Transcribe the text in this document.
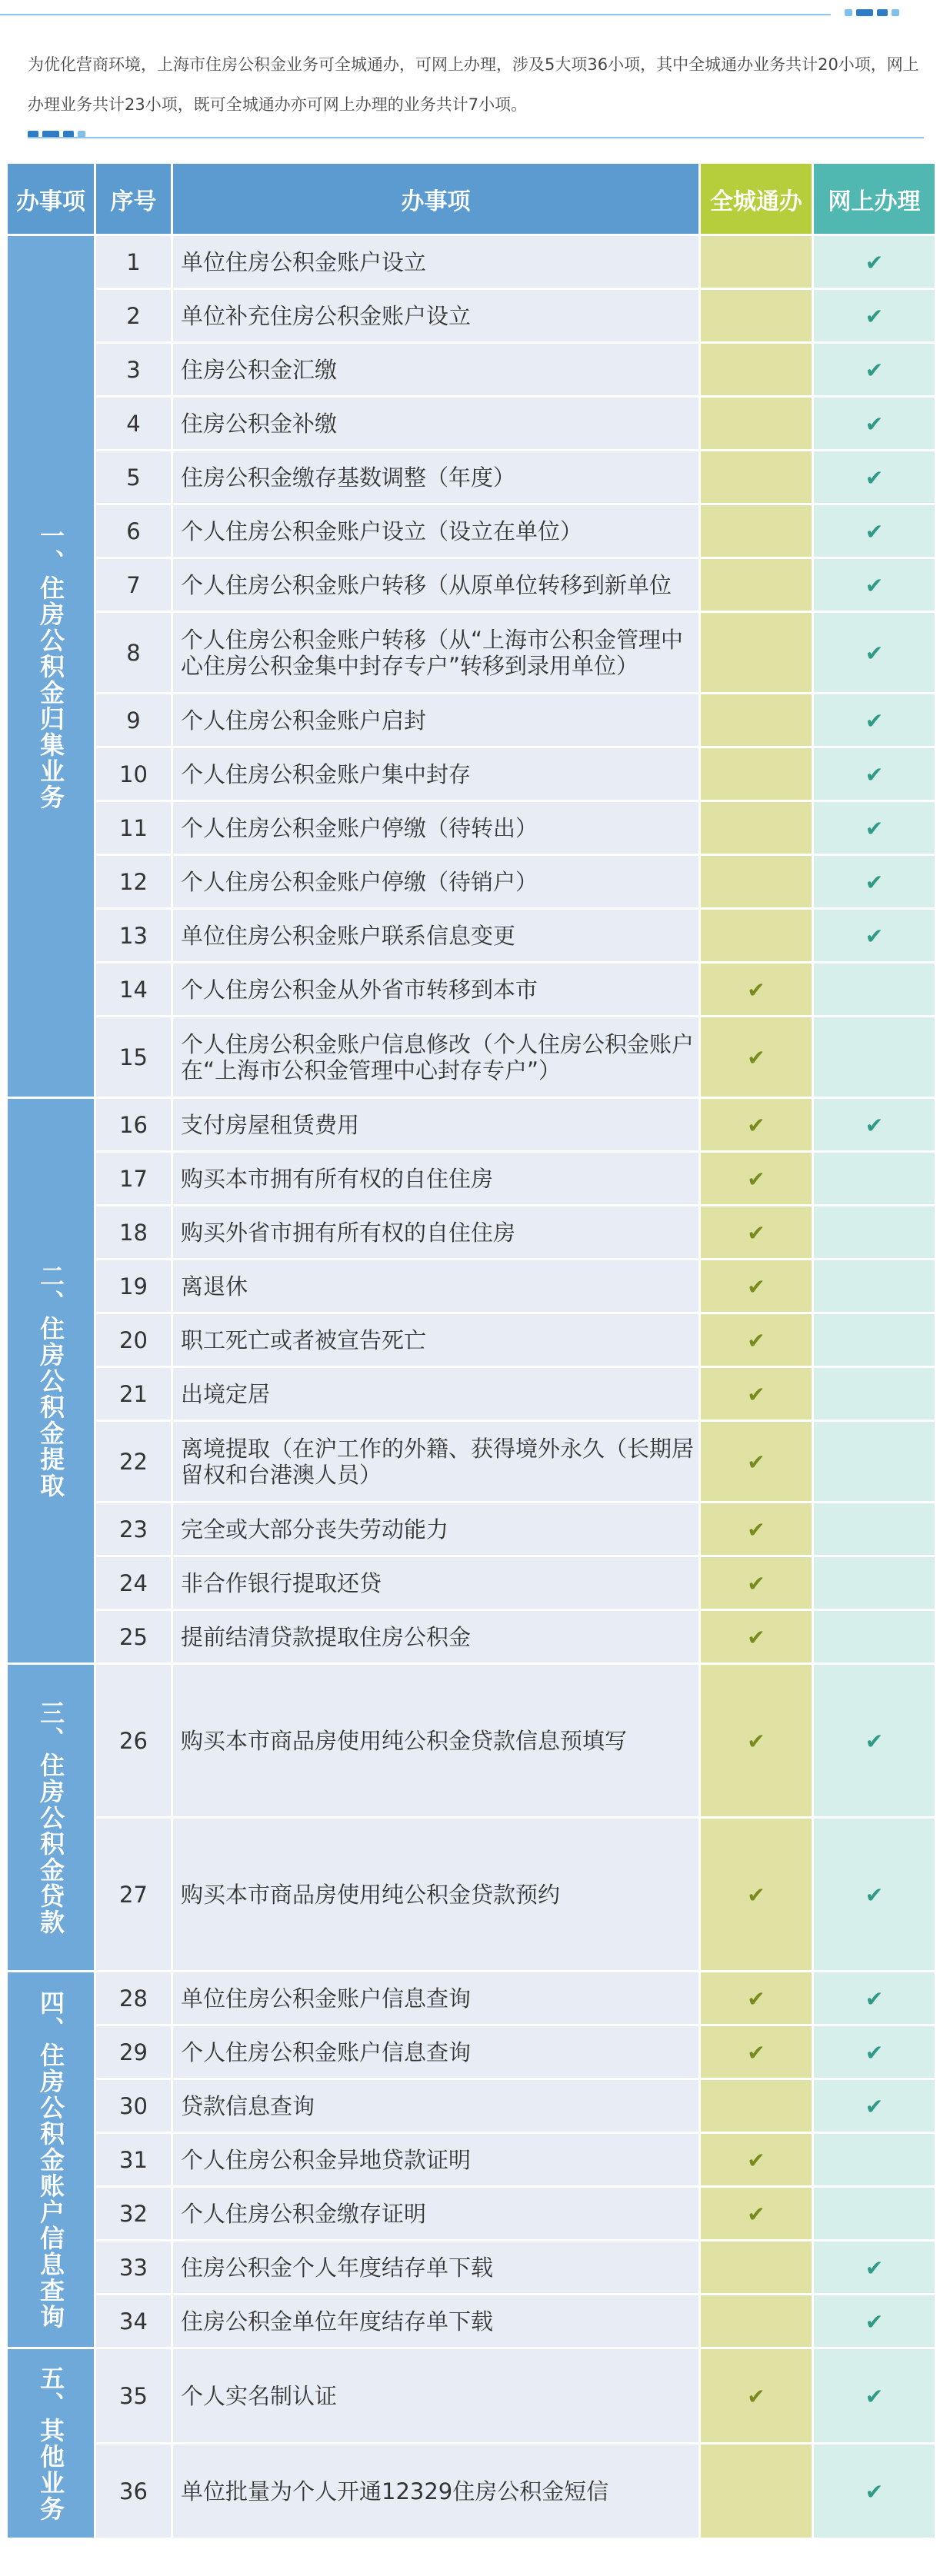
为优化营商环境，上海市住房公积金业务可全城通办，可网上办理，涉及5大项36小项，其中全城通办业务共计20小项，网上办理业务共计23小项，既可全城通办亦可网上办理的业务共计7小项。

办事项	序号	办事项	全城通办	网上办理

一、住房公积金归集业务	1	单位住房公积金账户设立		✔
	2	单位补充住房公积金账户设立		✔
	3	住房公积金汇缴		✔
	4	住房公积金补缴		✔
	5	住房公积金缴存基数调整（年度）		✔
	6	个人住房公积金账户设立（设立在单位）		✔
	7	个人住房公积金账户转移（从原单位转移到新单位		✔
	8	个人住房公积金账户转移（从“上海市公积金管理中心住房公积金集中封存专户”转移到录用单位）		✔
	9	个人住房公积金账户启封		✔
	10	个人住房公积金账户集中封存		✔
	11	个人住房公积金账户停缴（待转出）		✔
	12	个人住房公积金账户停缴（待销户）		✔
	13	单位住房公积金账户联系信息变更		✔
	14	个人住房公积金从外省市转移到本市	✔	
	15	个人住房公积金账户信息修改（个人住房公积金账户在“上海市公积金管理中心封存专户”）	✔	

二、住房公积金提取	16	支付房屋租赁费用	✔	✔
	17	购买本市拥有所有权的自住住房	✔	
	18	购买外省市拥有所有权的自住住房	✔	
	19	离退休	✔	
	20	职工死亡或者被宣告死亡	✔	
	21	出境定居	✔	
	22	离境提取（在沪工作的外籍、获得境外永久（长期居留权和台港澳人员）	✔	
	23	完全或大部分丧失劳动能力	✔	
	24	非合作银行提取还贷	✔	
	25	提前结清贷款提取住房公积金	✔	

三、住房公积金贷款	26	购买本市商品房使用纯公积金贷款信息预填写	✔	✔
	27	购买本市商品房使用纯公积金贷款预约	✔	✔

四、住房公积金账户信息查询	28	单位住房公积金账户信息查询	✔	✔
	29	个人住房公积金账户信息查询	✔	✔
	30	贷款信息查询		✔
	31	个人住房公积金异地贷款证明	✔	
	32	个人住房公积金缴存证明	✔	
	33	住房公积金个人年度结存单下载		✔
	34	住房公积金单位年度结存单下载		✔

五、其他业务	35	个人实名制认证	✔	✔
	36	单位批量为个人开通12329住房公积金短信		✔
